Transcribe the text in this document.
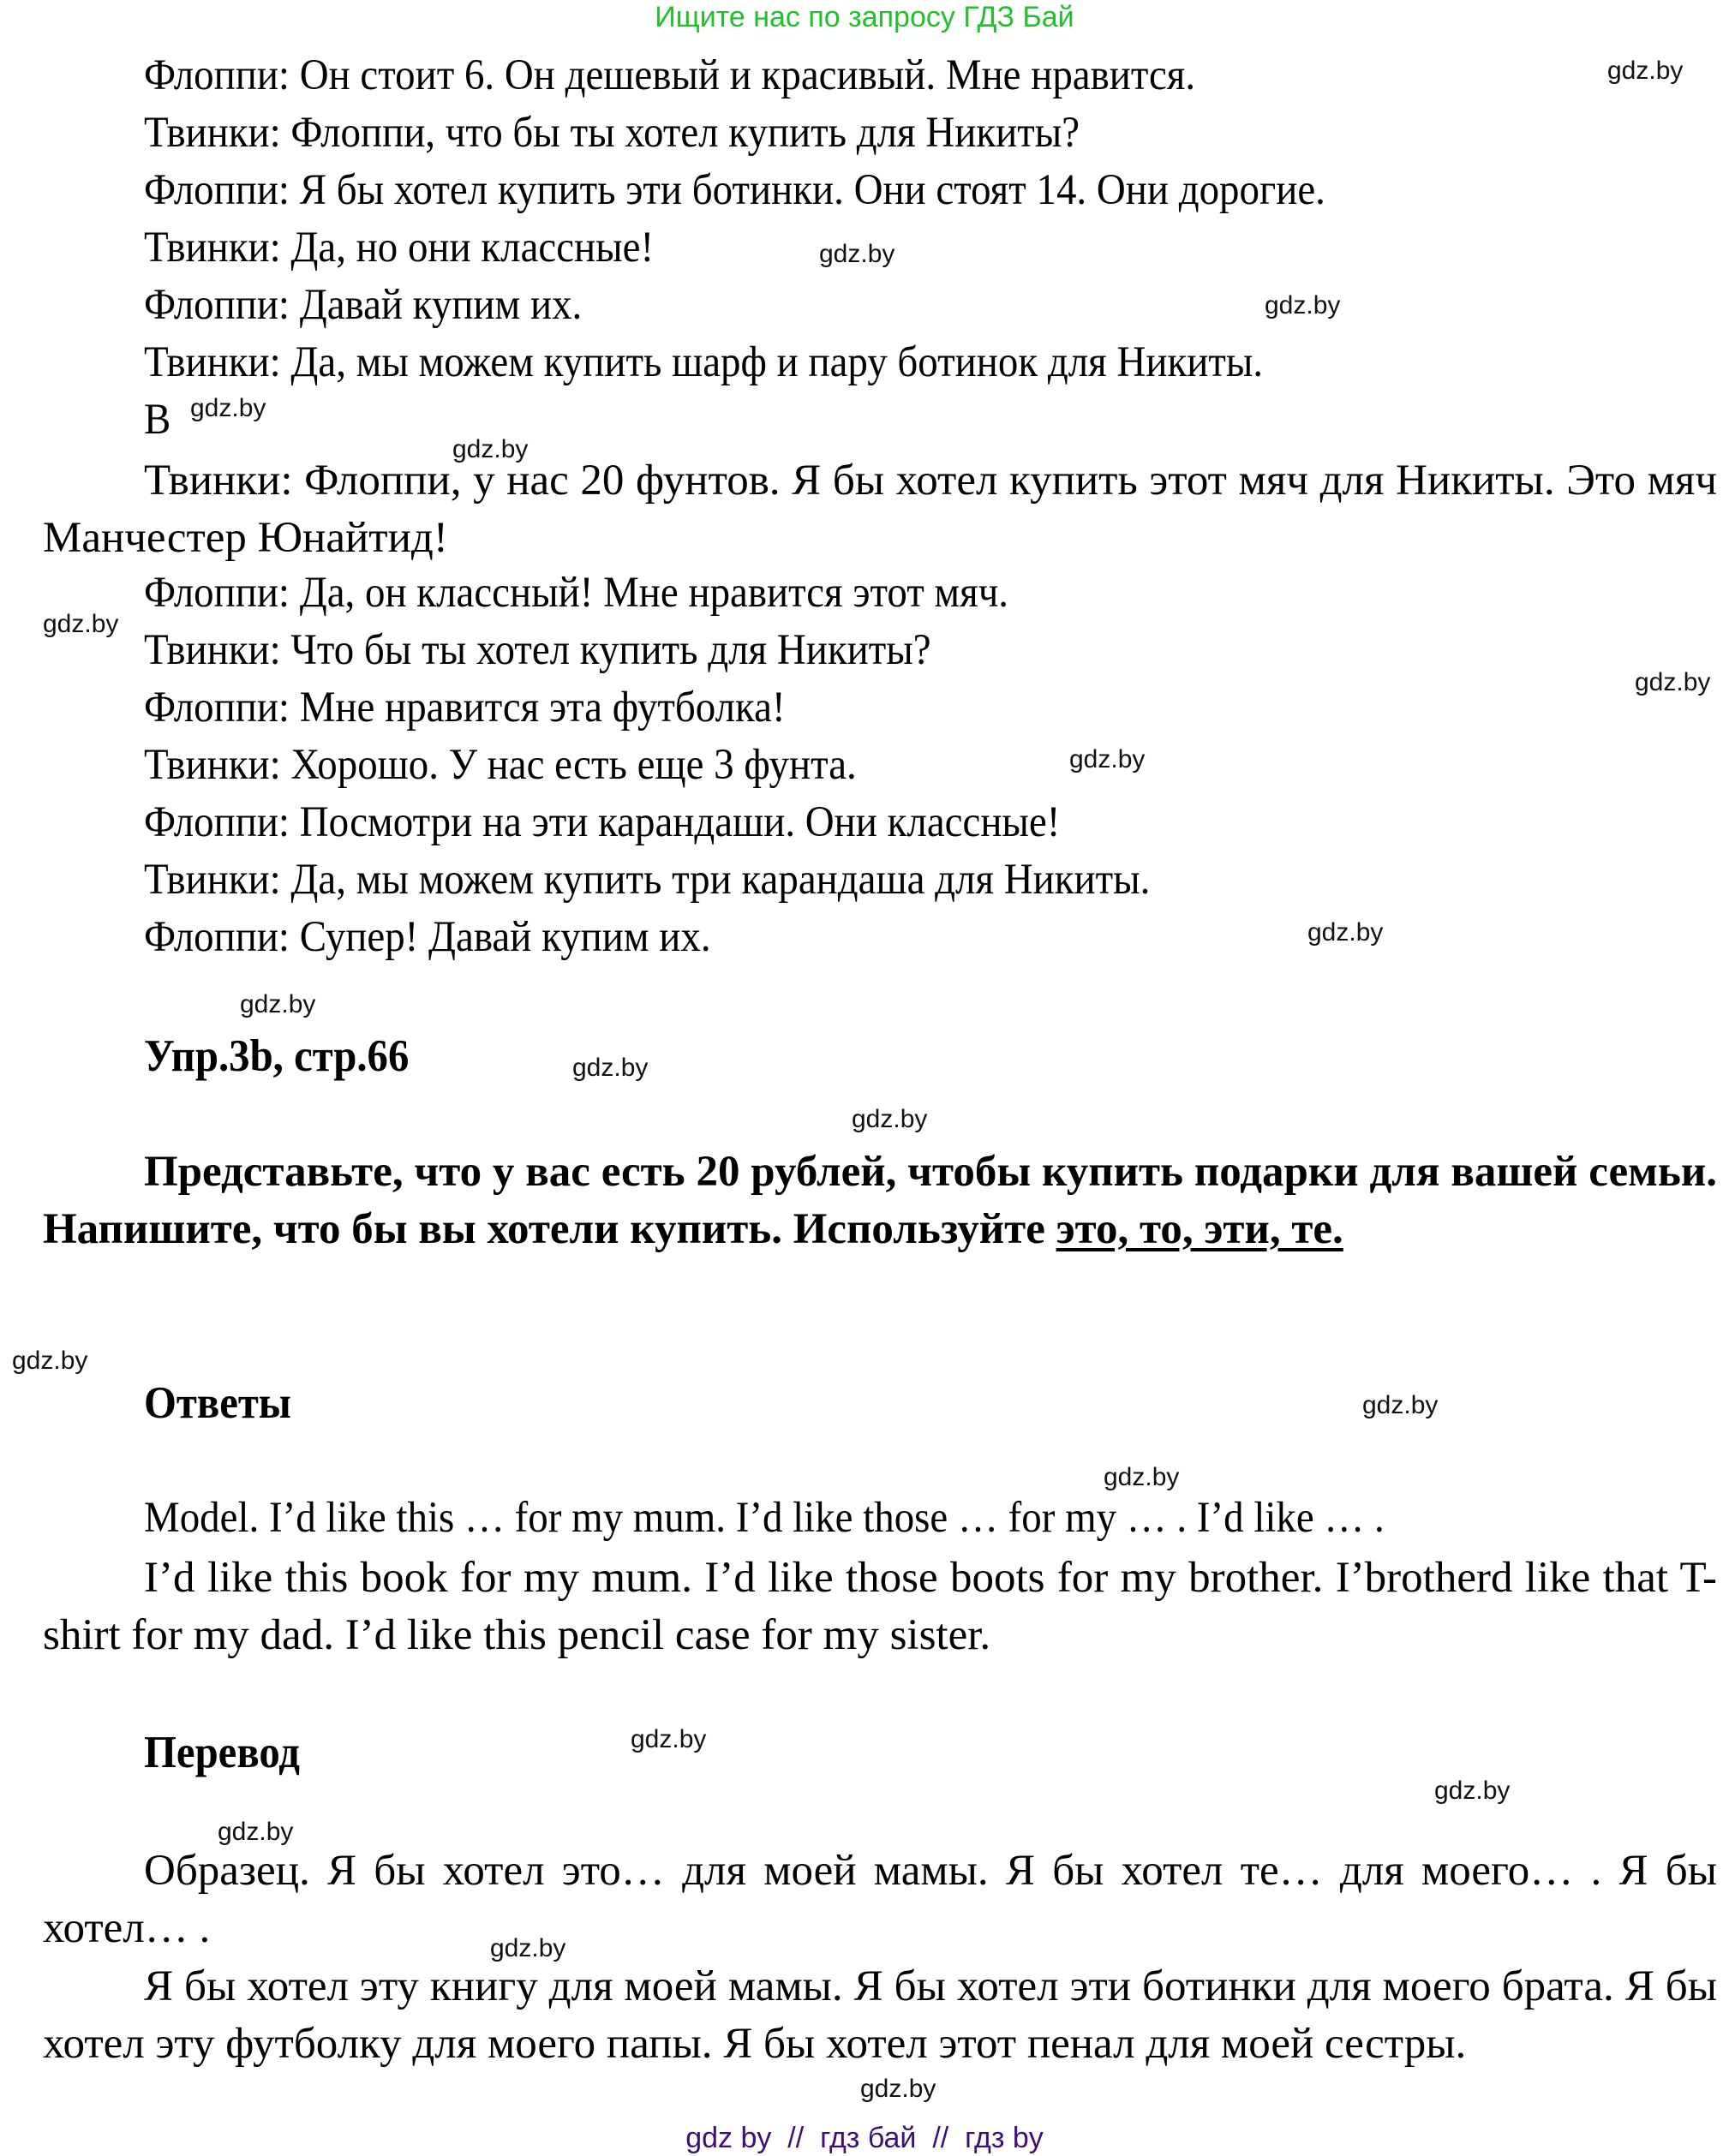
Ищите нас по запросу ГДЗ Бай
Флоппи: Он стоит 6. Он дешевый и красивый. Мне нравится.
Твинки: Флоппи, что бы ты хотел купить для Никиты?
Флоппи: Я бы хотел купить эти ботинки. Они стоят 14. Они дорогие.
Твинки: Да, но они классные!
Флоппи: Давай купим их.
Твинки: Да, мы можем купить шарф и пару ботинок для Никиты.
B
Твинки: Флоппи, у нас 20 фунтов. Я бы хотел купить этот мяч для Никиты. Это мяч Манчестер Юнайтид!
Флоппи: Да, он классный! Мне нравится этот мяч.
Твинки: Что бы ты хотел купить для Никиты?
Флоппи: Мне нравится эта футболка!
Твинки: Хорошо. У нас есть еще 3 фунта.
Флоппи: Посмотри на эти карандаши. Они классные!
Твинки: Да, мы можем купить три карандаша для Никиты.
Флоппи: Супер! Давай купим их.
Упр.3b, стр.66
Представьте, что у вас есть 20 рублей, чтобы купить подарки для вашей семьи. Напишите, что бы вы хотели купить. Используйте это, то, эти, те.
Ответы
Model. I’d like this … for my mum. I’d like those … for my … . I’d like … .
I’d like this book for my mum. I’d like those boots for my brother. I’brotherd like that T-shirt for my dad. I’d like this pencil case for my sister.
Перевод
Образец. Я бы хотел это… для моей мамы. Я бы хотел те… для моего… . Я бы хотел… .
Я бы хотел эту книгу для моей мамы. Я бы хотел эти ботинки для моего брата. Я бы хотел эту футболку для моего папы. Я бы хотел этот пенал для моей сестры.
gdz.by
gdz.by
gdz.by
gdz.by
gdz.by
gdz.by
gdz.by
gdz.by
gdz.by
gdz.by
gdz.by
gdz.by
gdz.by
gdz.by
gdz.by
gdz.by
gdz.by
gdz.by
gdz.by
gdz.by
gdz by  //  гдз бай  //  гдз by
